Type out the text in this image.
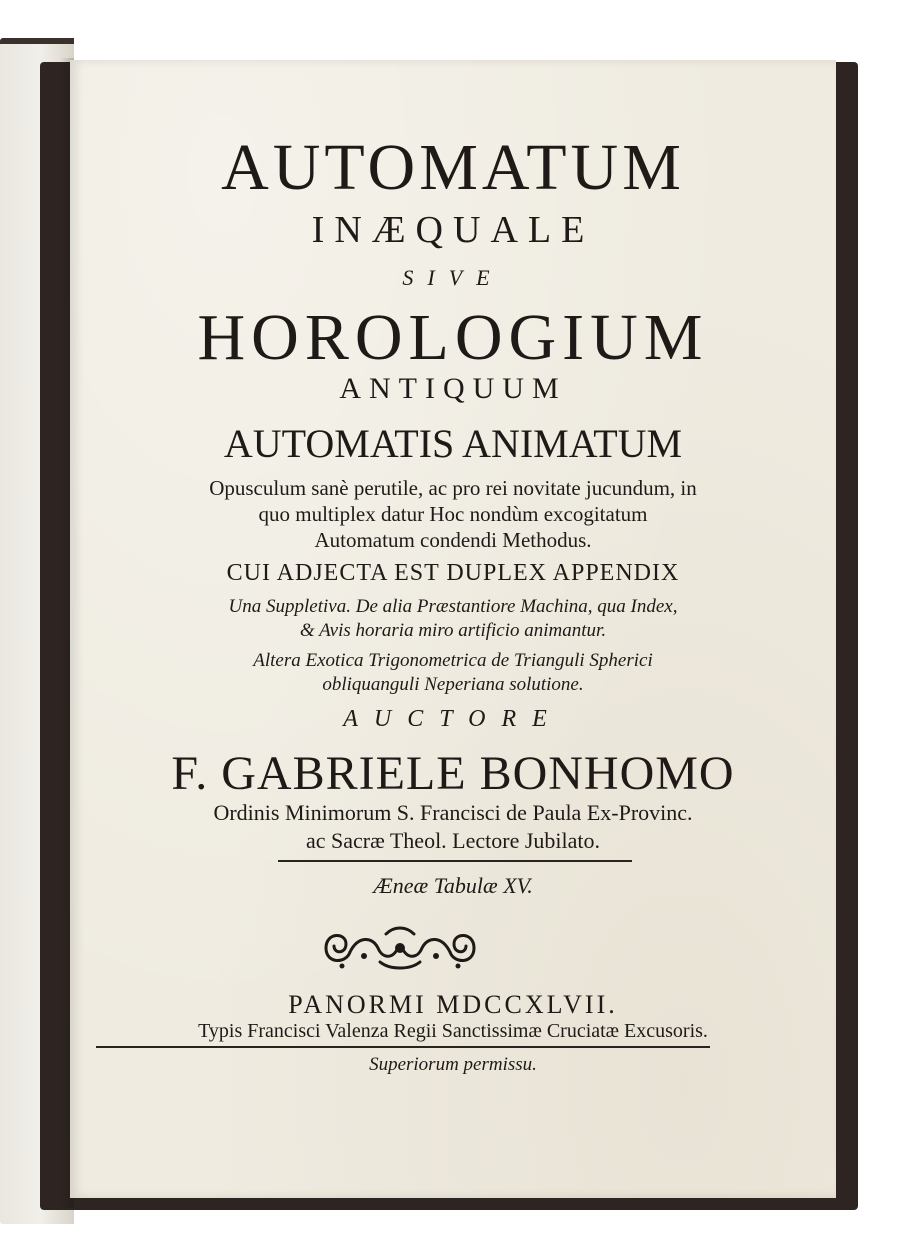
AUTOMATUM
INÆQUALE
SIVE
HOROLOGIUM
ANTIQUUM
AUTOMATIS ANIMATUM
Opusculum sanè perutile, ac pro rei novitate jucundum, in
quo multiplex datur Hoc nondùm excogitatum
Automatum condendi Methodus.
CUI ADJECTA EST DUPLEX APPENDIX
Una Suppletiva. De alia Præstantiore Machina, qua Index,
& Avis horaria miro artificio animantur.
Altera Exotica Trigonometrica de Trianguli Spherici
obliquanguli Neperiana solutione.
AUCTORE
F. GABRIELE BONHOMO
Ordinis Minimorum S. Francisci de Paula Ex-Provinc.
ac Sacræ Theol. Lectore Jubilato.
Æneæ Tabulæ XV.
PANORMI MDCCXLVII.
Typis Francisci Valenza Regii Sanctissimæ Cruciatæ Excusoris.
Superiorum permissu.
